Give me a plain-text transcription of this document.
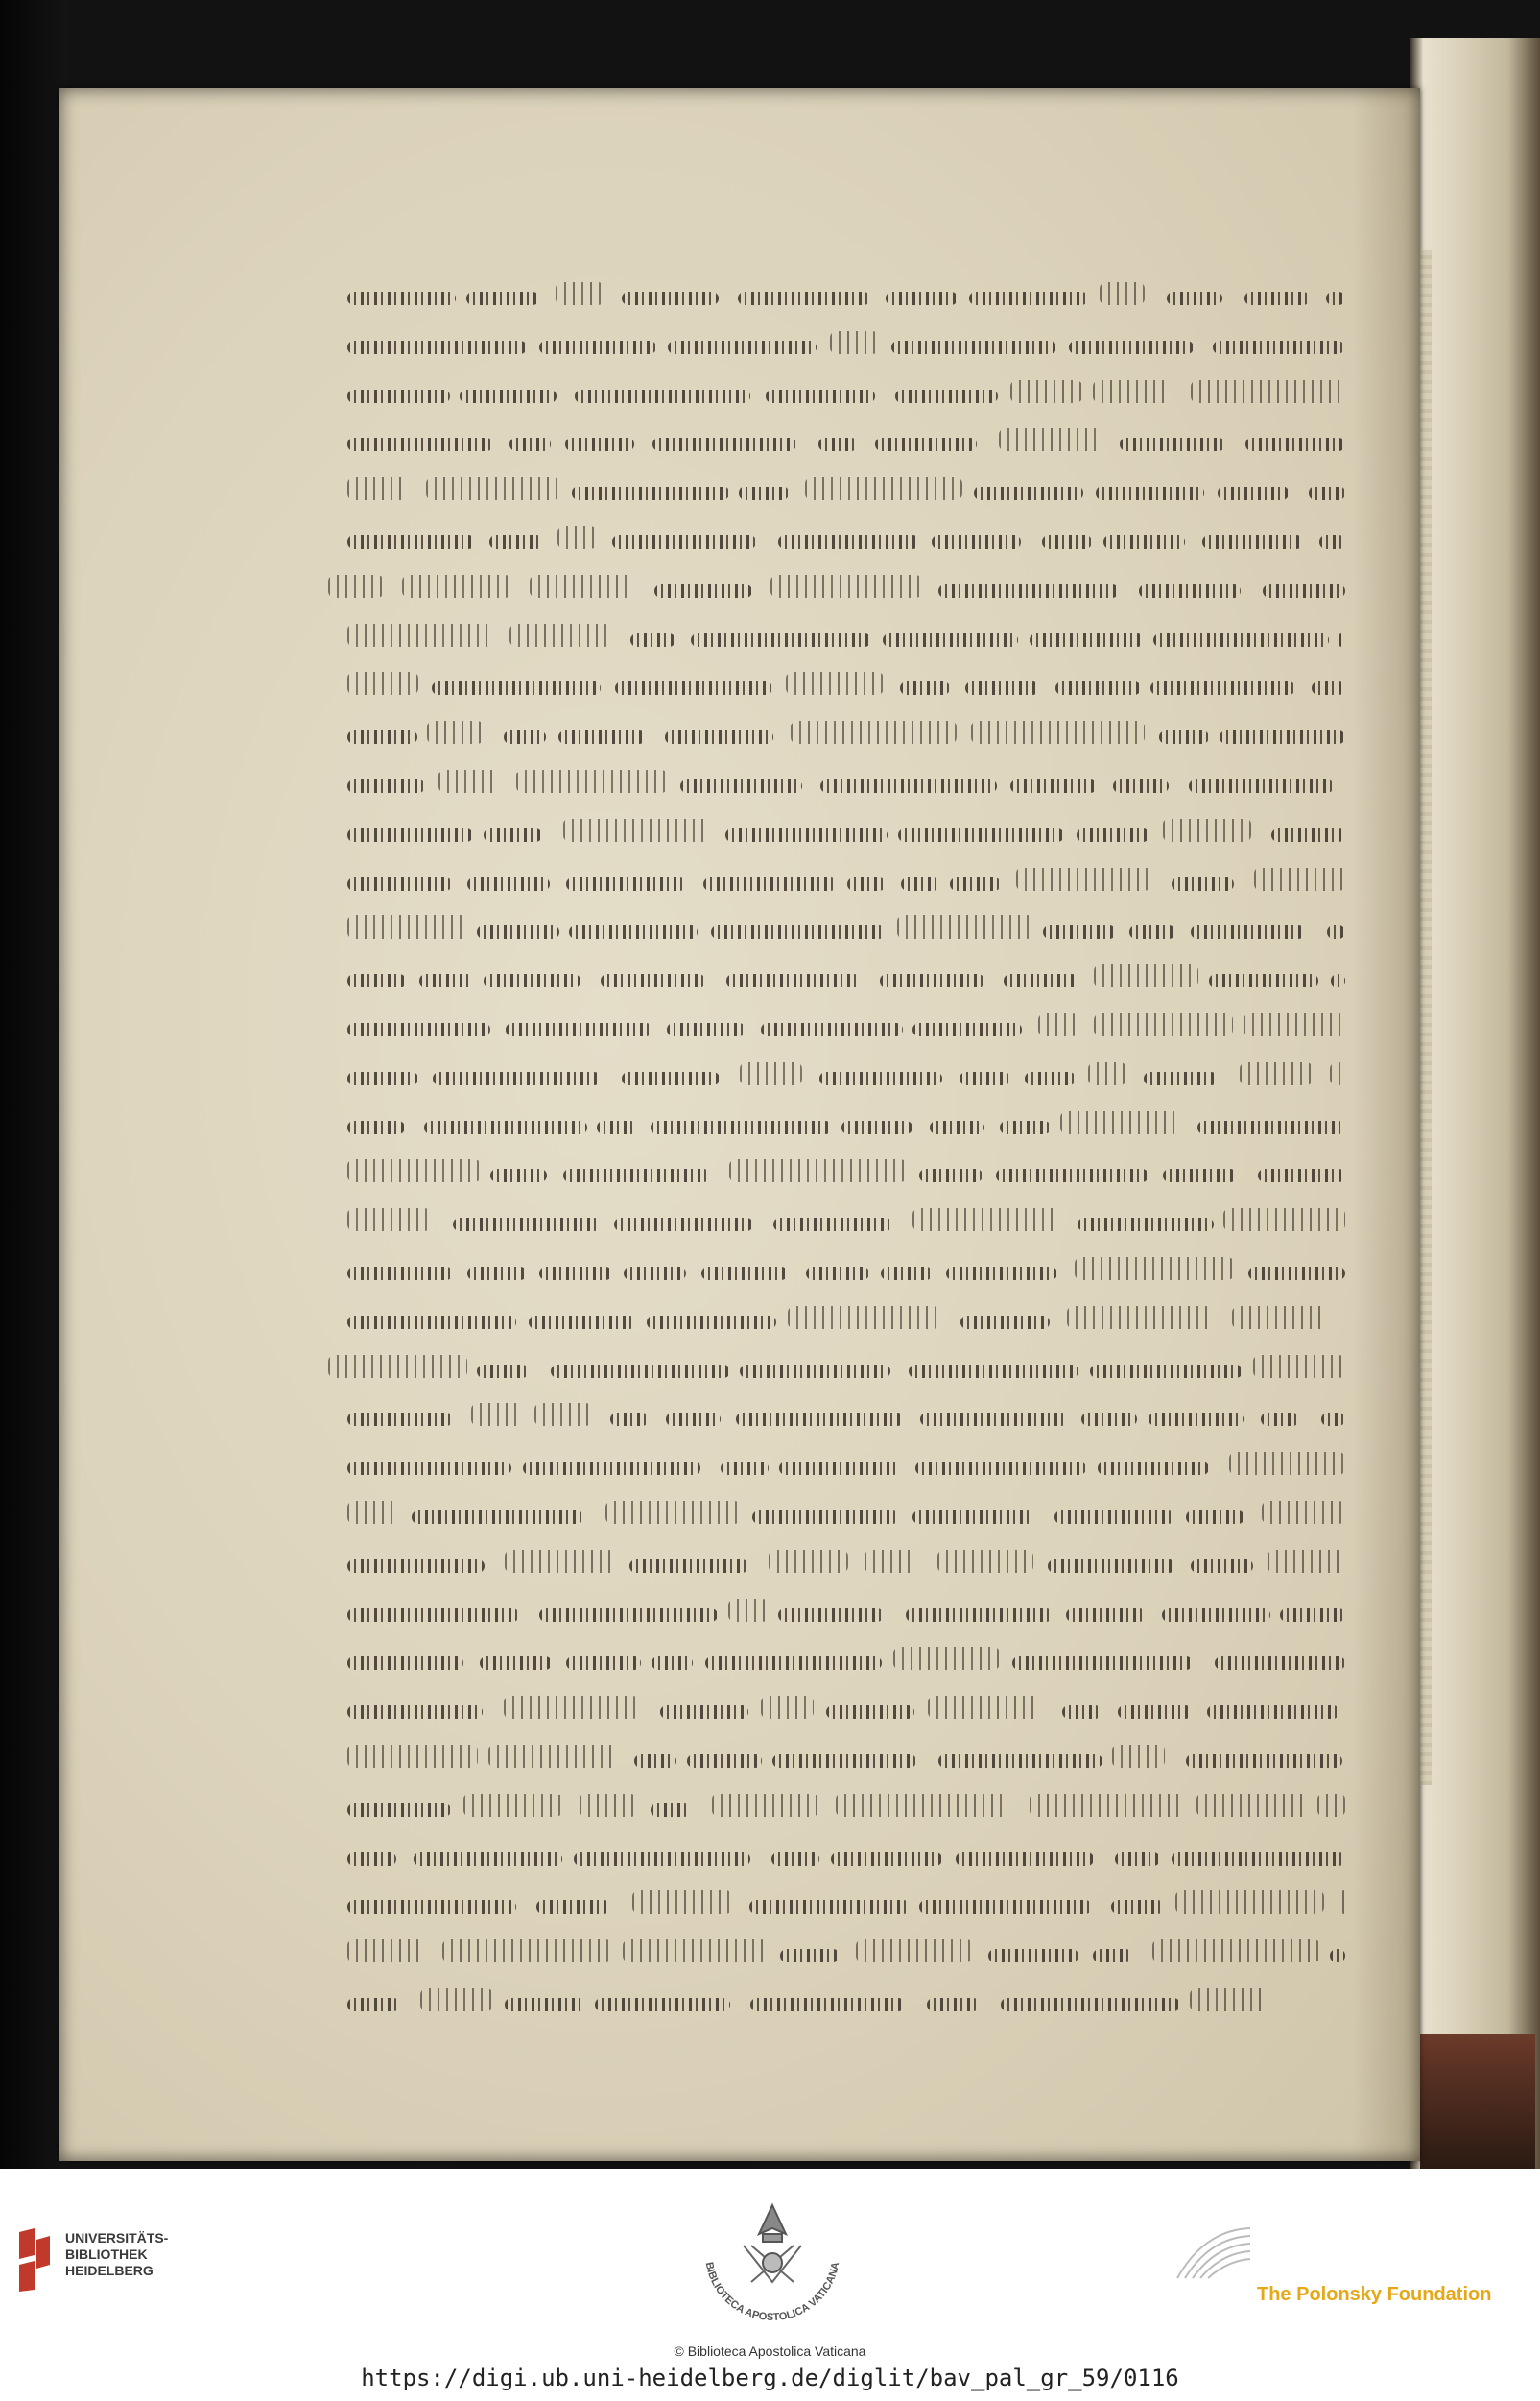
UNIVERSITÄTS-
BIBLIOTHEK
HEIDELBERG	BIBLIOTECA APOSTOLICA VATICANA
The Polonsky Foundation
© Biblioteca Apostolica Vaticana
https://digi.ub.uni-heidelberg.de/diglit/bav_pal_gr_59/0116
